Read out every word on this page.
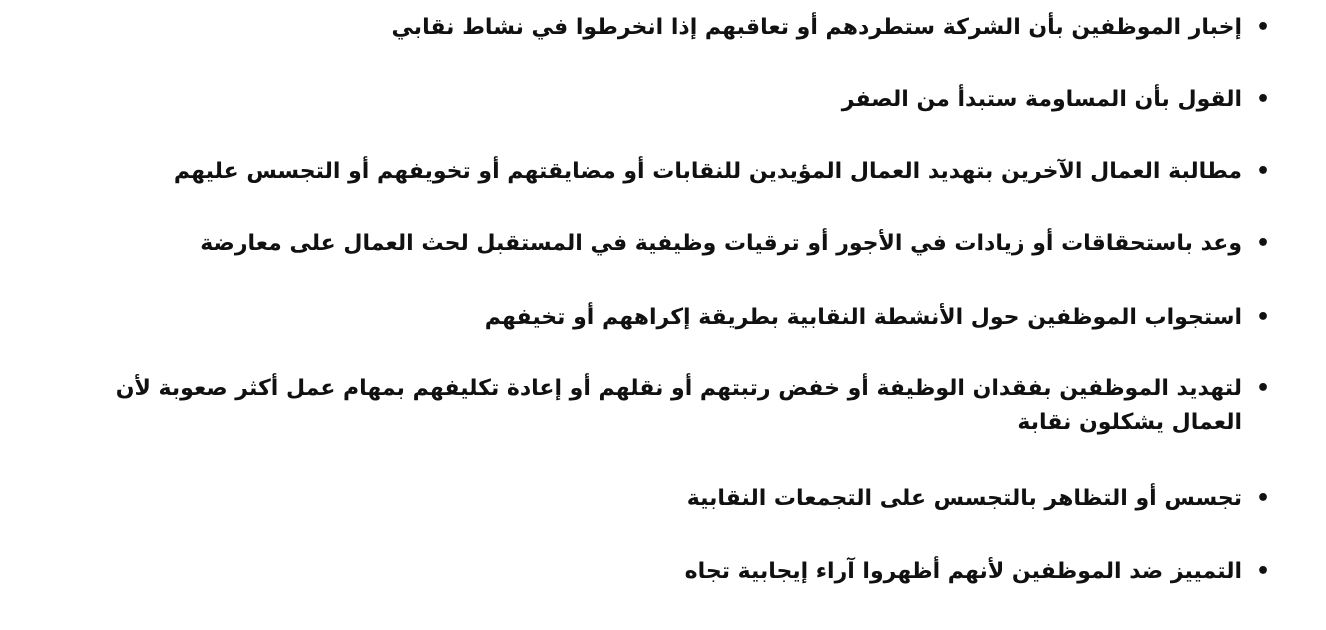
•
إخبار الموظفين بأن الشركة ستطردهم أو تعاقبهم إذا انخرطوا في نشاط نقابي
•
القول بأن المساومة ستبدأ من الصفر
•
مطالبة العمال الآخرين بتهديد العمال المؤيدين للنقابات أو مضايقتهم أو تخويفهم أو التجسس عليهم
•
وعد باستحقاقات أو زيادات في الأجور أو ترقيات وظيفية في المستقبل لحث العمال على معارضة
•
استجواب الموظفين حول الأنشطة النقابية بطريقة إكراههم أو تخيفهم
•
لتهديد الموظفين بفقدان الوظيفة أو خفض رتبتهم أو نقلهم أو إعادة تكليفهم بمهام عمل أكثر صعوبة لأن العمال يشكلون نقابة
•
تجسس أو التظاهر بالتجسس على التجمعات النقابية
•
التمييز ضد الموظفين لأنهم أظهروا آراء إيجابية تجاه
